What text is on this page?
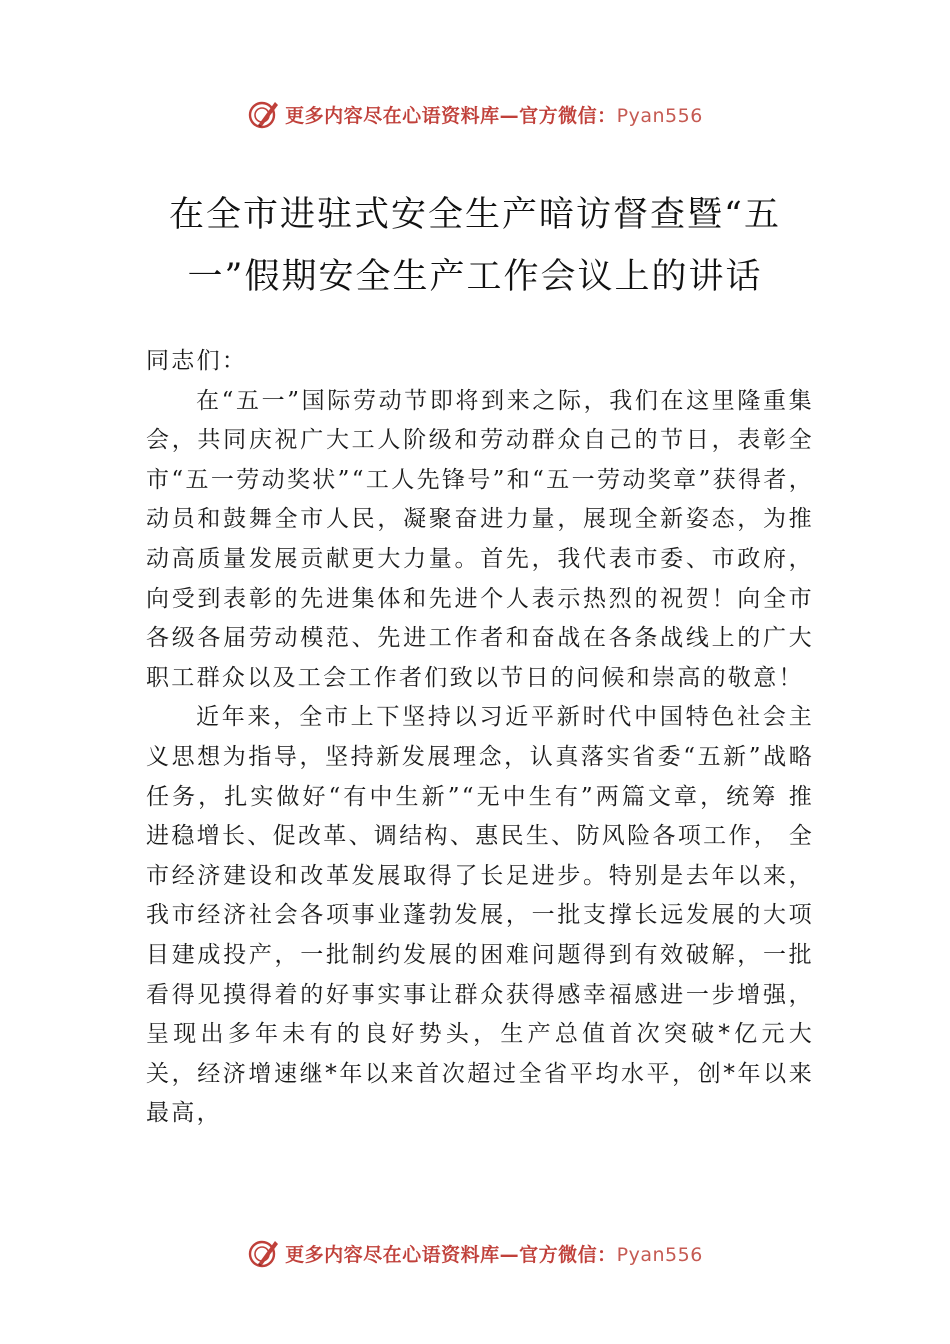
更多内容尽在心语资料库—官方微信：Pyan556
在全市进驻式安全生产暗访督查暨“五一”假期安全生产工作会议上的讲话

同志们：

在“五一”国际劳动节即将到来之际，我们在这里隆重集会，共同庆祝广大工人阶级和劳动群众自己的节日，表彰全市“五一劳动奖状”“工人先锋号”和“五一劳动奖章”获得者，动员和鼓舞全市人民，凝聚奋进力量，展现全新姿态，为推动高质量发展贡献更大力量。首先，我代表市委、市政府，向受到表彰的先进集体和先进个人表示热烈的祝贺！向全市各级各届劳动模范、先进工作者和奋战在各条战线上的广大职工群众以及工会工作者们致以节日的问候和崇高的敬意！

近年来，全市上下坚持以习近平新时代中国特色社会主义思想为指导，坚持新发展理念，认真落实省委“五新”战略任务，扎实做好“有中生新”“无中生有”两篇文章，统筹 推进稳增长、促改革、调结构、惠民生、防风险各项工作， 全市经济建设和改革发展取得了长足进步。特别是去年以来，我市经济社会各项事业蓬勃发展，一批支撑长远发展的大项目建成投产，一批制约发展的困难问题得到有效破解，一批看得见摸得着的好事实事让群众获得感幸福感进一步增强，呈现出多年未有的良好势头，生产总值首次突破*亿元大关，经济增速继*年以来首次超过全省平均水平，创*年以来最高，

更多内容尽在心语资料库—官方微信：Pyan556
